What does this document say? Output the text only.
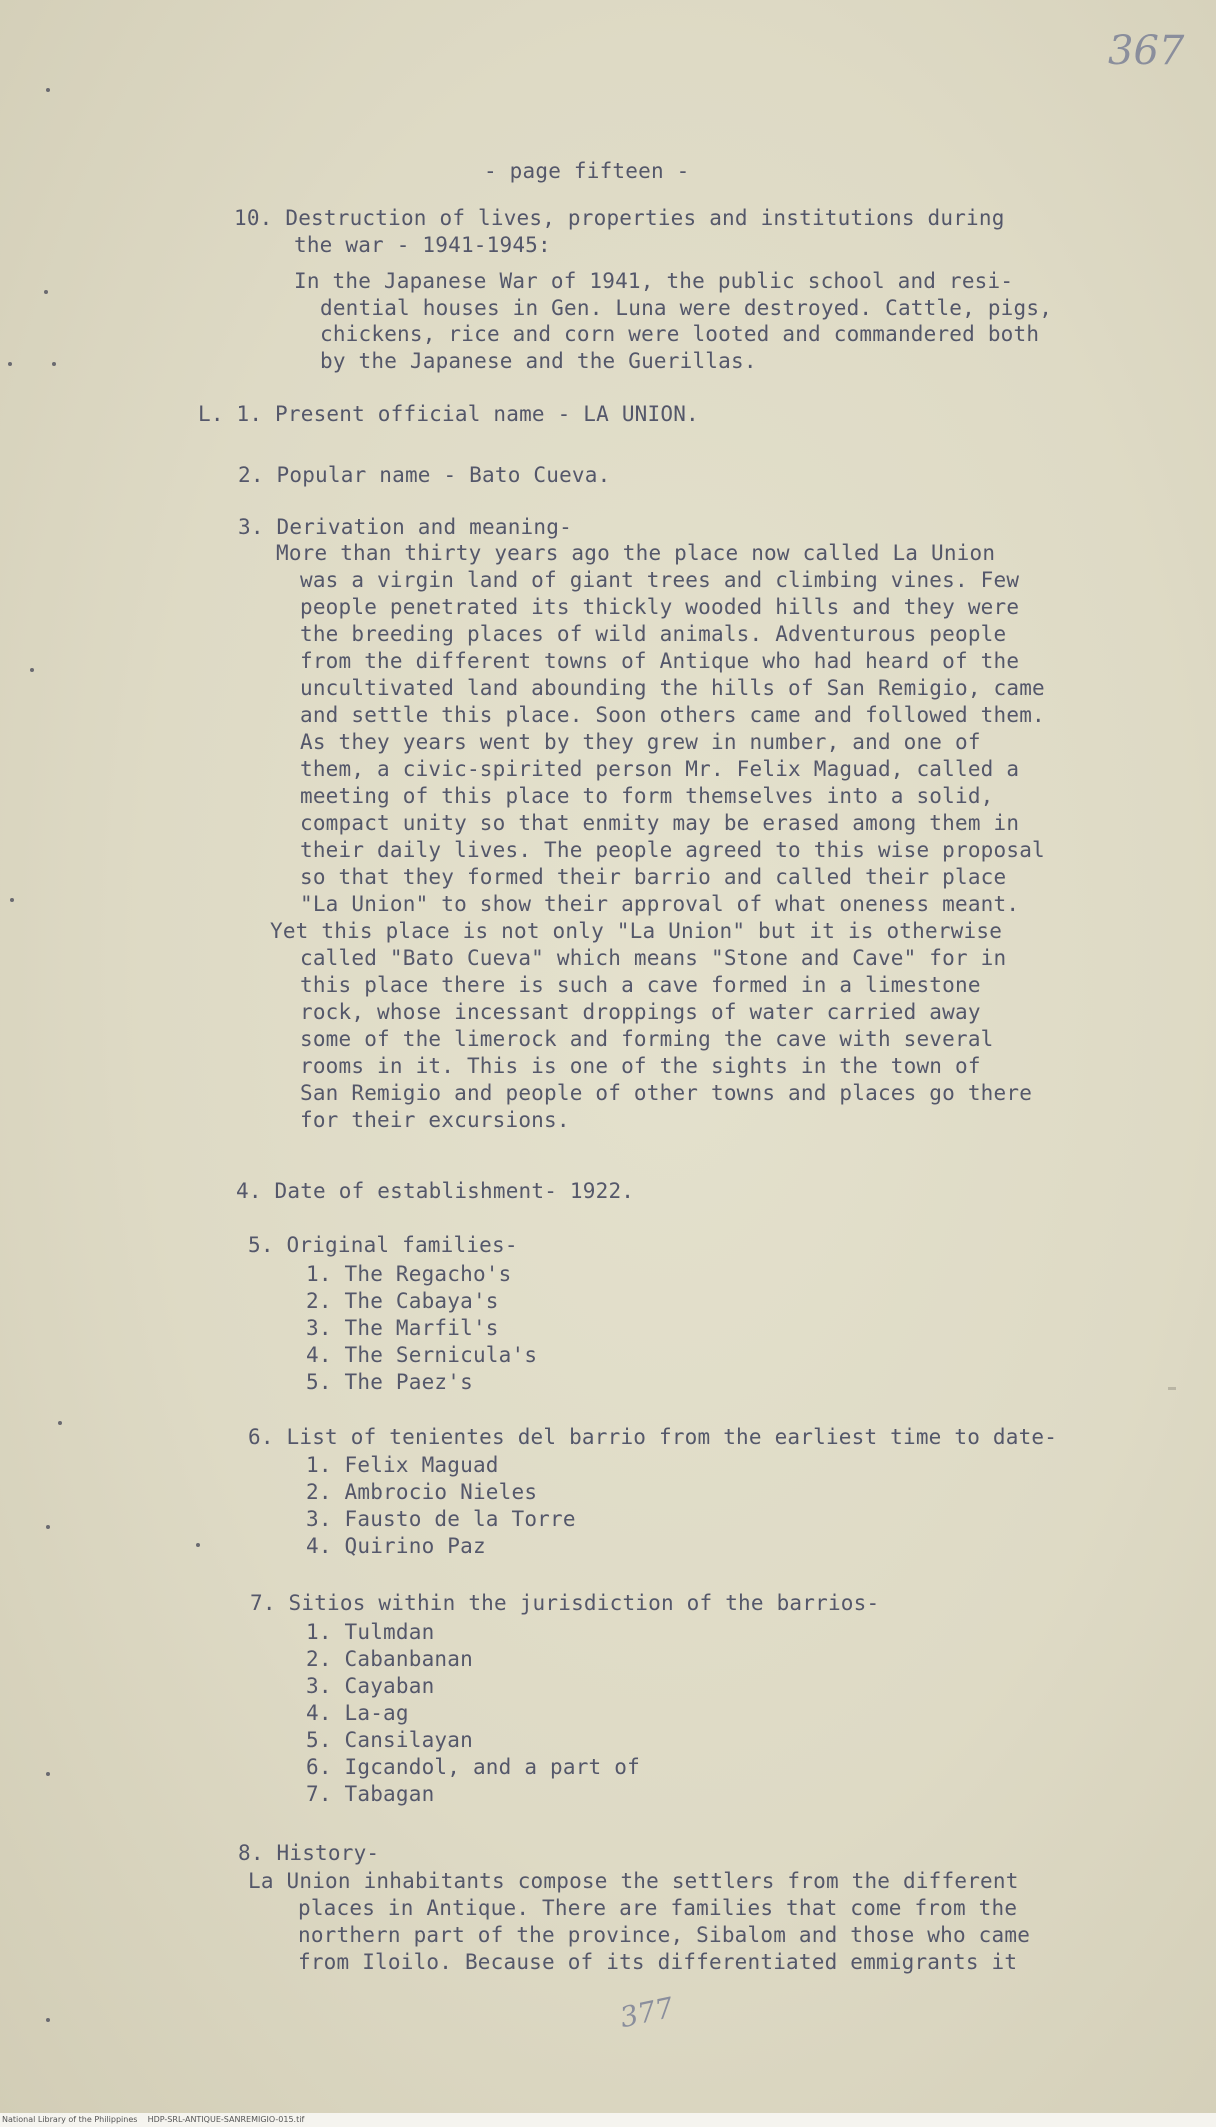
367
377
- page fifteen -
10. Destruction of lives, properties and institutions during
the war - 1941-1945:
In the Japanese War of 1941, the public school and resi-
dential houses in Gen. Luna were destroyed. Cattle, pigs,
chickens, rice and corn were looted and commandered both
by the Japanese and the Guerillas.
L. 1. Present official name - LA UNION.
2. Popular name - Bato Cueva.
3. Derivation and meaning-
More than thirty years ago the place now called La Union
was a virgin land of giant trees and climbing vines. Few
people penetrated its thickly wooded hills and they were
the breeding places of wild animals. Adventurous people
from the different towns of Antique who had heard of the
uncultivated land abounding the hills of San Remigio, came
and settle this place. Soon others came and followed them.
As they years went by they grew in number, and one of
them, a civic-spirited person Mr. Felix Maguad, called a
meeting of this place to form themselves into a solid,
compact unity so that enmity may be erased among them in
their daily lives. The people agreed to this wise proposal
so that they formed their barrio and called their place
"La Union" to show their approval of what oneness meant.
Yet this place is not only "La Union" but it is otherwise
called "Bato Cueva" which means "Stone and Cave" for in
this place there is such a cave formed in a limestone
rock, whose incessant droppings of water carried away
some of the limerock and forming the cave with several
rooms in it. This is one of the sights in the town of
San Remigio and people of other towns and places go there
for their excursions.
4. Date of establishment- 1922.
5. Original families-
1. The Regacho's
2. The Cabaya's
3. The Marfil's
4. The Sernicula's
5. The Paez's
6. List of tenientes del barrio from the earliest time to date-
1. Felix Maguad
2. Ambrocio Nieles
3. Fausto de la Torre
4. Quirino Paz
7. Sitios within the jurisdiction of the barrios-
1. Tulmdan
2. Cabanbanan
3. Cayaban
4. La-ag
5. Cansilayan
6. Igcandol, and a part of
7. Tabagan
8. History-
La Union inhabitants compose the settlers from the different
places in Antique. There are families that come from the
northern part of the province, Sibalom and those who came
from Iloilo. Because of its differentiated emmigrants it
National Library of the Philippines    HDP-SRL-ANTIQUE-SANREMIGIO-015.tif
